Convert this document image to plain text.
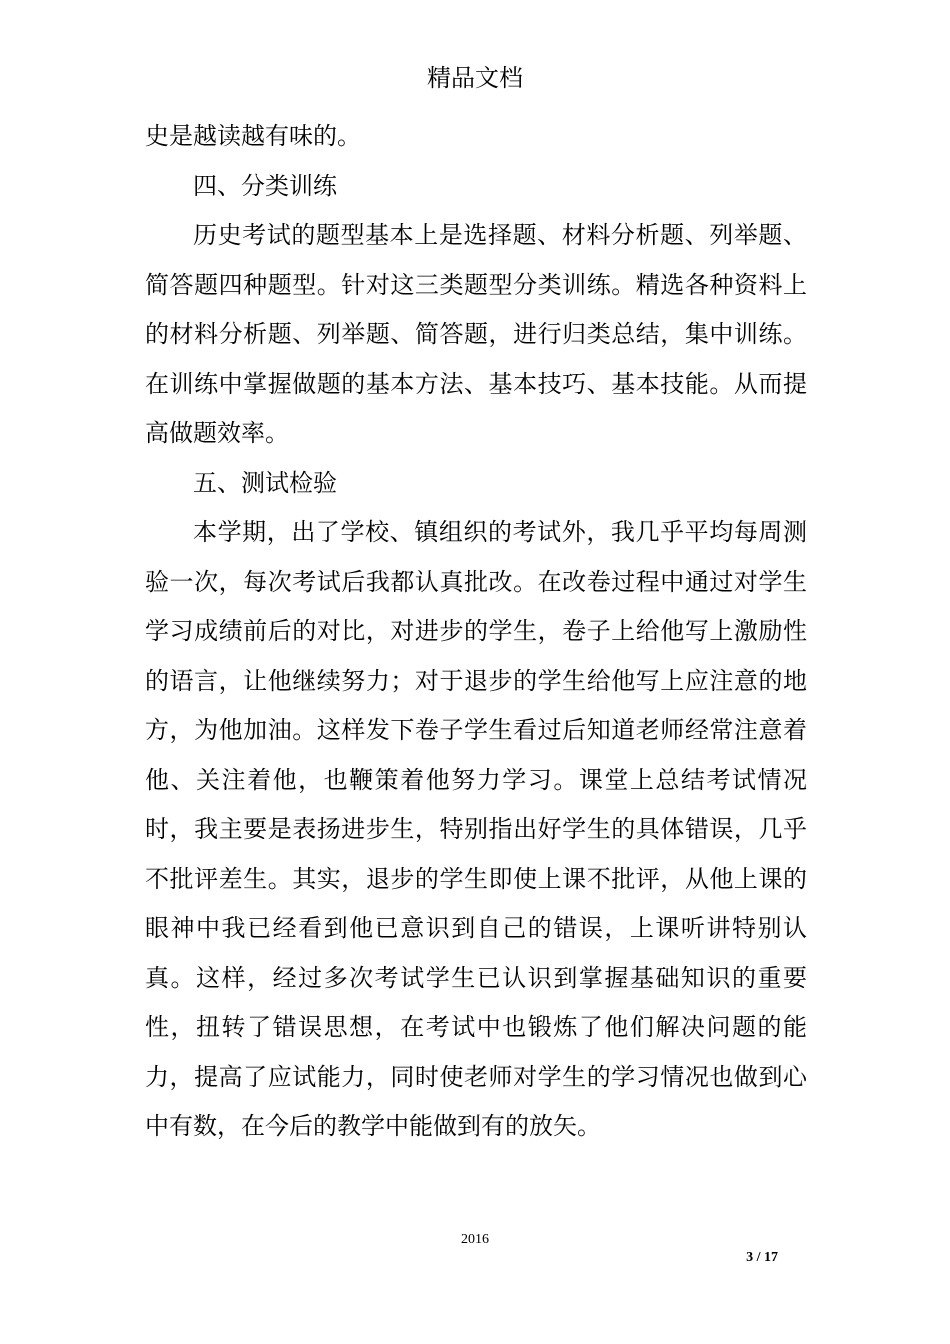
精品文档

史是越读越有味的。

四、分类训练

历史考试的题型基本上是选择题、材料分析题、列举题、简答题四种题型。针对这三类题型分类训练。精选各种资料上的材料分析题、列举题、简答题，进行归类总结，集中训练。在训练中掌握做题的基本方法、基本技巧、基本技能。从而提高做题效率。

五、测试检验

本学期，出了学校、镇组织的考试外，我几乎平均每周测验一次，每次考试后我都认真批改。在改卷过程中通过对学生学习成绩前后的对比，对进步的学生，卷子上给他写上激励性的语言，让他继续努力；对于退步的学生给他写上应注意的地方，为他加油。这样发下卷子学生看过后知道老师经常注意着他、关注着他，也鞭策着他努力学习。课堂上总结考试情况时，我主要是表扬进步生，特别指出好学生的具体错误，几乎不批评差生。其实，退步的学生即使上课不批评，从他上课的眼神中我已经看到他已意识到自己的错误，上课听讲特别认真。这样，经过多次考试学生已认识到掌握基础知识的重要性，扭转了错误思想，在考试中也锻炼了他们解决问题的能力，提高了应试能力，同时使老师对学生的学习情况也做到心中有数，在今后的教学中能做到有的放矢。

2016
3 / 17
